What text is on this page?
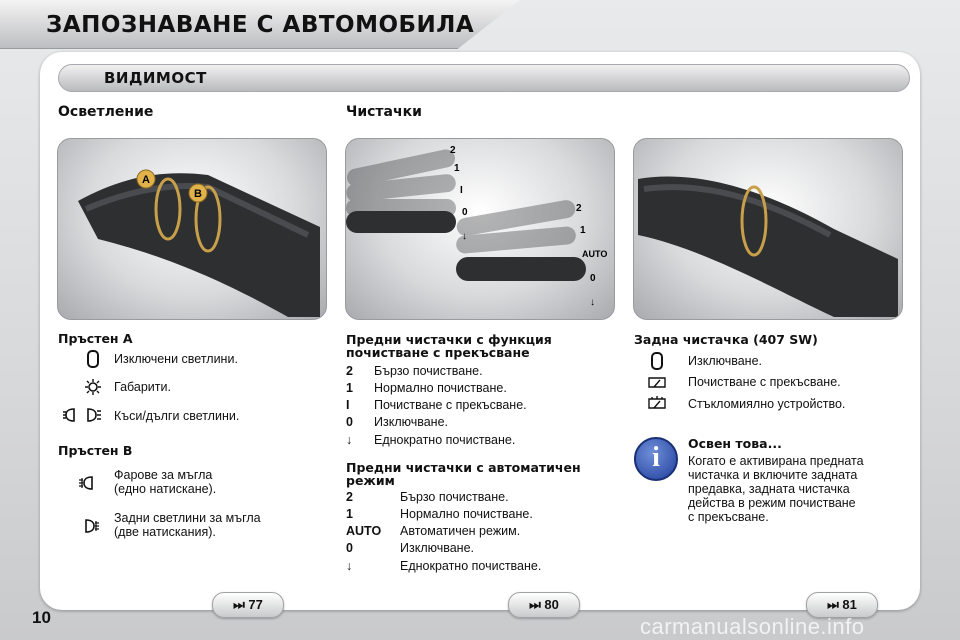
ЗАПОЗНАВАНЕ С АВТОМОБИЛА
ВИДИМОСТ
Осветление	Чистачки
A
B
2
1
I
0
↓
2
1
AUTO
0
↓
Пръстен А
Изключени светлини.
Габарити.
Къси/дълги светлини.
Пръстен В
Фарове за мъгла
(едно натискане).
Задни светлини за мъгла
(две натискания).
Предни чистачки с функция
почистване с прекъсване
2 Бързо почистване.
1 Нормално почистване.
I Почистване с прекъсване.
0 Изключване.
↓ Еднократно почистване.
Предни чистачки с автоматичен
режим
2	Бързо почистване.
1	Нормално почистване.
AUTO Автоматичен режим.
0	Изключване.
↓	Еднократно почистване.
Задна чистачка (407 SW)
Изключване.
Почистване с прекъсване.
Стъкломиялно устройство.
i	Освен това...
Когато е активирана предната
чистачка и включите задната
предавка, задната чистачка
действа в режим почистване
с прекъсване.
⏭ 77	⏭ 80	⏭ 81
10	carmanualsonline.info
